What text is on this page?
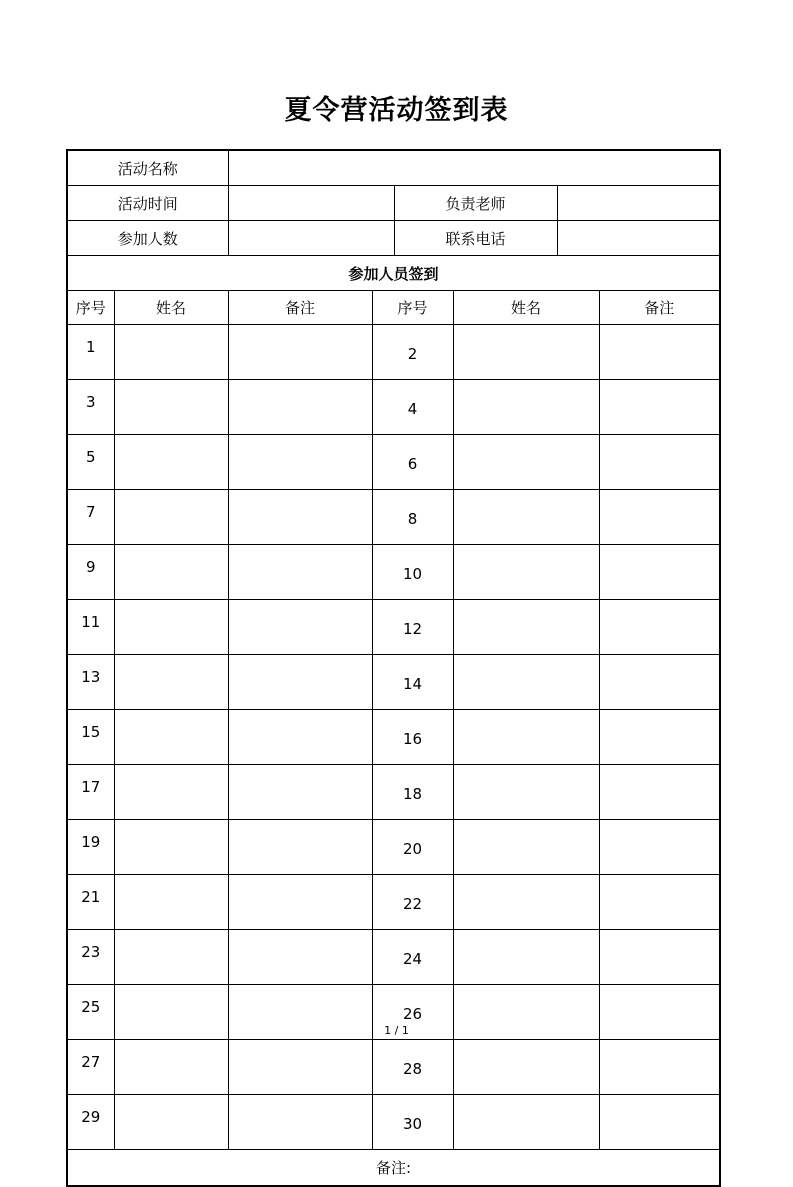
夏令营活动签到表
活动名称							
活动时间				负责老师			
参加人数				联系电话			
参加人员签到							
序号	姓名	备注	序号		姓名		备注
1			2				
3			4				
5			6				
7			8				
9			10				
11			12				
13			14				
15			16				
17			18				
19			20				
21			22				
23			24				
25			26				
27			28				
29			30				
备注:							
1 / 1
